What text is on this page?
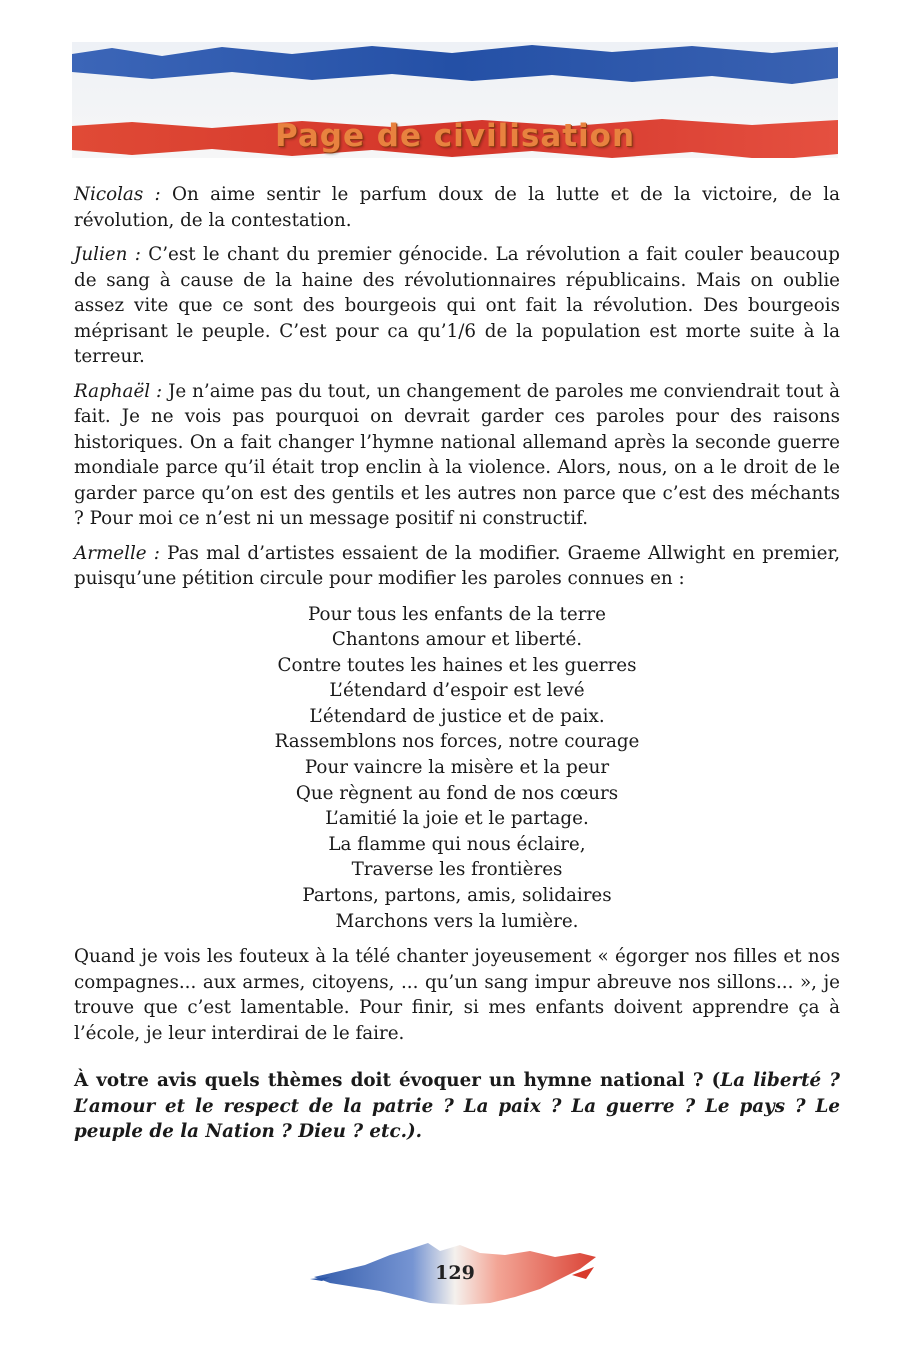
Page de civilisation

Nicolas : On aime sentir le parfum doux de la lutte et de la victoire, de la révolution, de la contestation.

Julien : C’est le chant du premier génocide. La révolution a fait couler beaucoup de sang à cause de la haine des révolutionnaires républicains. Mais on oublie assez vite que ce sont des bourgeois qui ont fait la révolution. Des bourgeois méprisant le peuple. C’est pour ca qu’1/6 de la population est morte suite à la terreur.

Raphaël : Je n’aime pas du tout, un changement de paroles me conviendrait tout à fait. Je ne vois pas pourquoi on devrait garder ces paroles pour des raisons historiques. On a fait changer l’hymne national allemand après la seconde guerre mondiale parce qu’il était trop enclin à la violence. Alors, nous, on a le droit de le garder parce qu’on est des gentils et les autres non parce que c’est des méchants ? Pour moi ce n’est ni un message positif ni constructif.

Armelle : Pas mal d’artistes essaient de la modifier. Graeme Allwight en premier, puisqu’une pétition circule pour modifier les paroles connues en :

Pour tous les enfants de la terre
Chantons amour et liberté.
Contre toutes les haines et les guerres
L’étendard d’espoir est levé
L’étendard de justice et de paix.
Rassemblons nos forces, notre courage
Pour vaincre la misère et la peur
Que règnent au fond de nos cœurs
L’amitié la joie et le partage.
La flamme qui nous éclaire,
Traverse les frontières
Partons, partons, amis, solidaires
Marchons vers la lumière.

Quand je vois les fouteux à la télé chanter joyeusement « égorger nos filles et nos compagnes... aux armes, citoyens, ... qu’un sang impur abreuve nos sillons... », je trouve que c’est lamentable. Pour finir, si mes enfants doivent apprendre ça à l’école, je leur interdirai de le faire.

À votre avis quels thèmes doit évoquer un hymne national ? (La liberté ? L’amour et le respect de la patrie ? La paix ? La guerre ? Le pays ? Le peuple de la Nation ? Dieu ? etc.).

129
